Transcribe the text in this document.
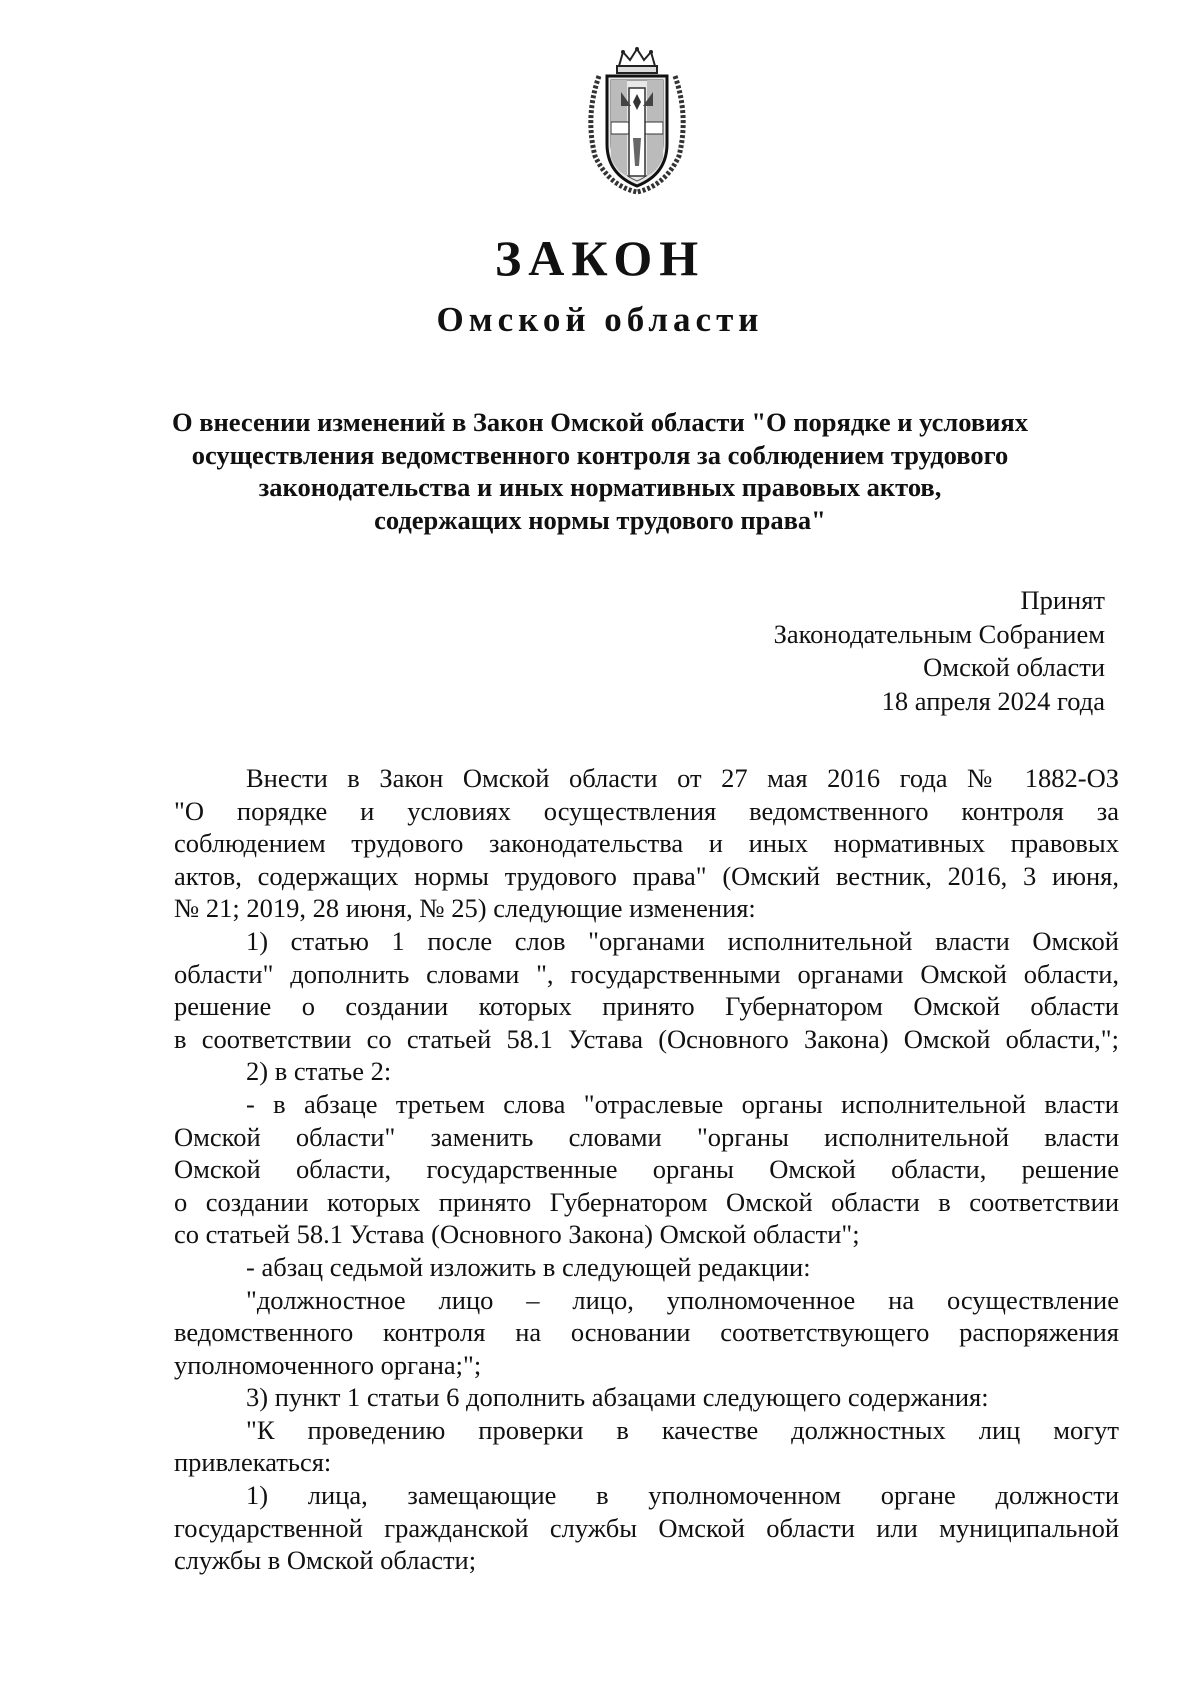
ЗАКОН
Омской области
О внесении изменений в Закон Омской области "О порядке и условиях
осуществления ведомственного контроля за соблюдением трудового
законодательства и иных нормативных правовых актов,
содержащих нормы трудового права"
Принят
Законодательным Собранием
Омской области
18 апреля 2024 года
Внести в Закон Омской области от 27 мая 2016 года № 1882-ОЗ
"О порядке и условиях осуществления ведомственного контроля за
соблюдением трудового законодательства и иных нормативных правовых
актов, содержащих нормы трудового права" (Омский вестник, 2016, 3 июня,
№ 21; 2019, 28 июня, № 25) следующие изменения:
1) статью 1 после слов "органами исполнительной власти Омской
области" дополнить словами ", государственными органами Омской области,
решение о создании которых принято Губернатором Омской области
в соответствии со статьей 58.1 Устава (Основного Закона) Омской области,";
2) в статье 2:
- в абзаце третьем слова "отраслевые органы исполнительной власти
Омской области" заменить словами "органы исполнительной власти
Омской области, государственные органы Омской области, решение
о создании которых принято Губернатором Омской области в соответствии
со статьей 58.1 Устава (Основного Закона) Омской области";
- абзац седьмой изложить в следующей редакции:
"должностное лицо – лицо, уполномоченное на осуществление
ведомственного контроля на основании соответствующего распоряжения
уполномоченного органа;";
3) пункт 1 статьи 6 дополнить абзацами следующего содержания:
"К проведению проверки в качестве должностных лиц могут
привлекаться:
1) лица, замещающие в уполномоченном органе должности
государственной гражданской службы Омской области или муниципальной
службы в Омской области;
